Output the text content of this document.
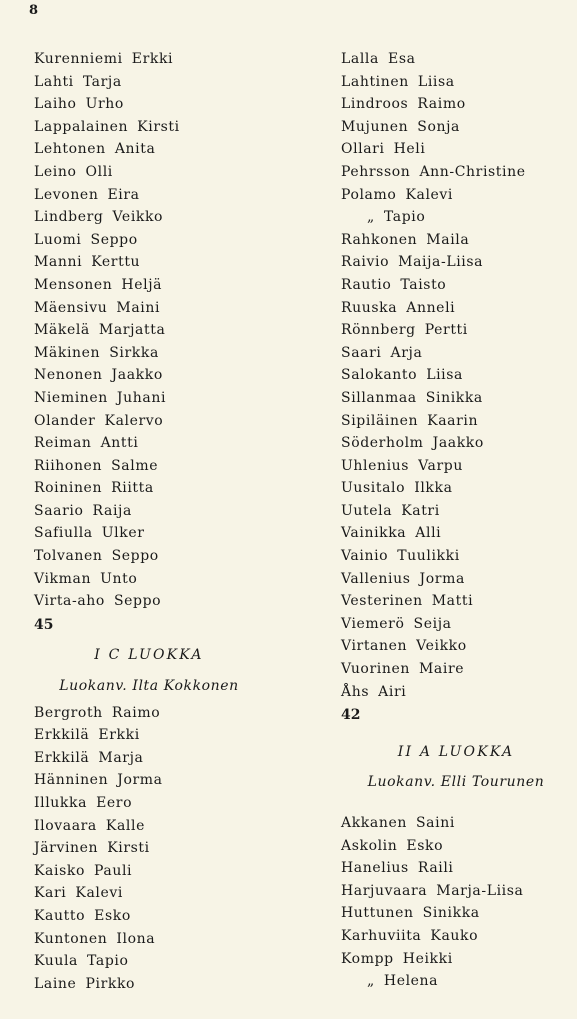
8
Kurenniemi Erkki
Lahti Tarja
Laiho Urho
Lappalainen Kirsti
Lehtonen Anita
Leino Olli
Levonen Eira
Lindberg Veikko
Luomi Seppo
Manni Kerttu
Mensonen Heljä
Mäensivu Maini
Mäkelä Marjatta
Mäkinen Sirkka
Nenonen Jaakko
Nieminen Juhani
Olander Kalervo
Reiman Antti
Riihonen Salme
Roininen Riitta
Saario Raija
Safiulla Ulker
Tolvanen Seppo
Vikman Unto
Virta-aho Seppo
45
I C LUOKKA
Luokanv. Ilta Kokkonen
Bergroth Raimo
Erkkilä Erkki
Erkkilä Marja
Hänninen Jorma
Illukka Eero
Ilovaara Kalle
Järvinen Kirsti
Kaisko Pauli
Kari Kalevi
Kautto Esko
Kuntonen Ilona
Kuula Tapio
Laine Pirkko
Lalla Esa
Lahtinen Liisa
Lindroos Raimo
Mujunen Sonja
Ollari Heli
Pehrsson Ann-Christine
Polamo Kalevi
„ Tapio
Rahkonen Maila
Raivio Maija-Liisa
Rautio Taisto
Ruuska Anneli
Rönnberg Pertti
Saari Arja
Salokanto Liisa
Sillanmaa Sinikka
Sipiläinen Kaarin
Söderholm Jaakko
Uhlenius Varpu
Uusitalo Ilkka
Uutela Katri
Vainikka Alli
Vainio Tuulikki
Vallenius Jorma
Vesterinen Matti
Viemerö Seija
Virtanen Veikko
Vuorinen Maire
Åhs Airi
42
II A LUOKKA
Luokanv. Elli Tourunen
Akkanen Saini
Askolin Esko
Hanelius Raili
Harjuvaara Marja-Liisa
Huttunen Sinikka
Karhuviita Kauko
Kompp Heikki
„ Helena
